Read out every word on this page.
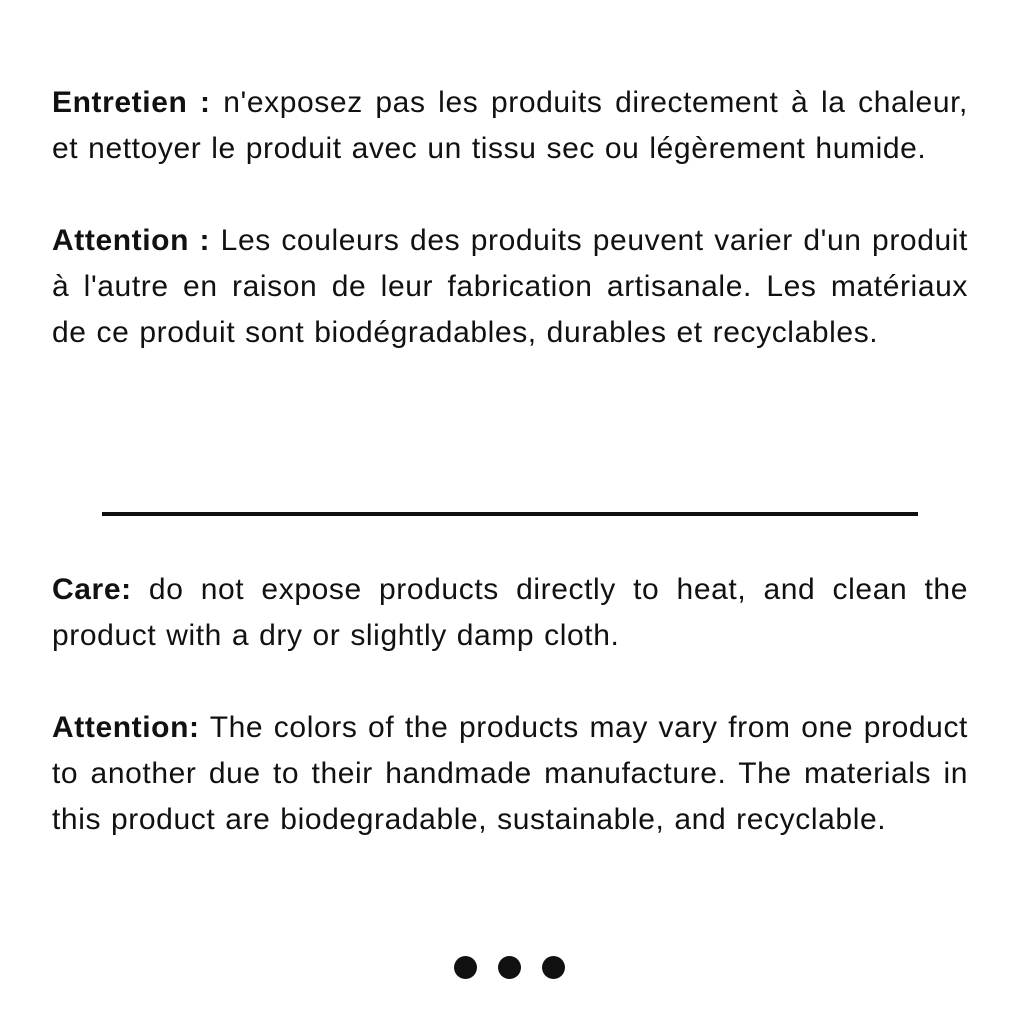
Entretien : n'exposez pas les produits directement à la chaleur, et nettoyer le produit avec un tissu sec ou légèrement humide.

Attention : Les couleurs des produits peuvent varier d'un produit à l'autre en raison de leur fabrication artisanale. Les matériaux de ce produit sont biodégradables, durables et recyclables.

Care: do not expose products directly to heat, and clean the product with a dry or slightly damp cloth.

Attention: The colors of the products may vary from one product to another due to their handmade manufacture. The materials in this product are biodegradable, sustainable, and recyclable.
